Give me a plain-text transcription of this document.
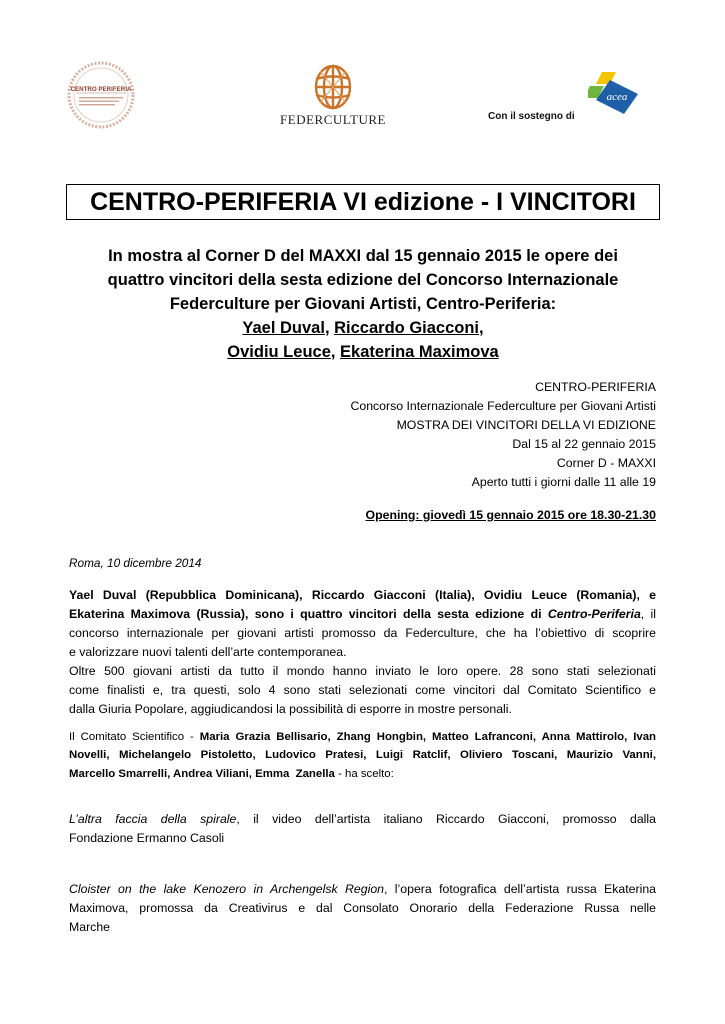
CENTRO PERIFERIA
FEDERCULTURE	Con il sostegno di
acea
CENTRO-PERIFERIA VI edizione - I VINCITORI
In mostra al Corner D del MAXXI dal 15 gennaio 2015 le opere dei
quattro vincitori della sesta edizione del Concorso Internazionale
Federculture per Giovani Artisti, Centro-Periferia:
Yael Duval, Riccardo Giacconi,
Ovidiu Leuce, Ekaterina Maximova
CENTRO-PERIFERIA
Concorso Internazionale Federculture per Giovani Artisti
MOSTRA DEI VINCITORI DELLA VI EDIZIONE
Dal 15 al 22 gennaio 2015
Corner D - MAXXI
Aperto tutti i giorni dalle 11 alle 19
Opening: giovedì 15 gennaio 2015 ore 18.30-21.30
Roma, 10 dicembre 2014
Yael Duval (Repubblica Dominicana), Riccardo Giacconi (Italia), Ovidiu Leuce (Romania), e
Ekaterina Maximova (Russia), sono i quattro vincitori della sesta edizione di Centro-Periferia, il
concorso internazionale per giovani artisti promosso da Federculture, che ha l’obiettivo di scoprire
e valorizzare nuovi talenti dell’arte contemporanea.
Oltre 500 giovani artisti da tutto il mondo hanno inviato le loro opere. 28 sono stati selezionati
come finalisti e, tra questi, solo 4 sono stati selezionati come vincitori dal Comitato Scientifico e
dalla Giuria Popolare, aggiudicandosi la possibilità di esporre in mostre personali.
Il Comitato Scientifico - Maria Grazia Bellisario, Zhang Hongbin, Matteo Lafranconi, Anna Mattirolo, Ivan
Novelli, Michelangelo Pistoletto, Ludovico Pratesi, Luigi Ratclif, Oliviero Toscani, Maurizio Vanni,
Marcello Smarrelli, Andrea Viliani, Emma  Zanella - ha scelto:
L’altra faccia della spirale, il video dell’artista italiano Riccardo Giacconi, promosso dalla
Fondazione Ermanno Casoli
Cloister on the lake Kenozero in Archengelsk Region, l’opera fotografica dell’artista russa Ekaterina
Maximova, promossa da Creativirus e dal Consolato Onorario della Federazione Russa nelle
Marche
